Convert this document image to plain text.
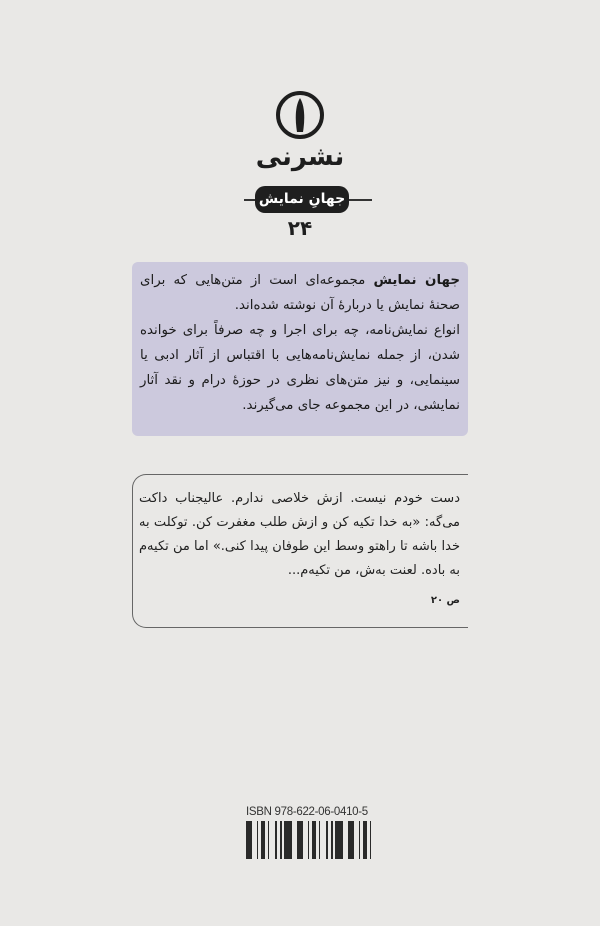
نشرنی
جهانِ نمایش
۲۴
جهان نمایش مجموعه‌ای است از متن‌هایی که برای صحنهٔ نمایش یا دربارهٔ آن نوشته شده‌اند.
انواع نمایش‌نامه، چه برای اجرا و چه صرفاً برای خوانده شدن، از جمله نمایش‌نامه‌هایی با اقتباس از آثار ادبی یا سینمایی، و نیز متن‌های نظری در حوزهٔ درام و نقد آثار نمایشی، در این مجموعه جای می‌گیرند.
دست خودم نیست. ازش خلاصی ندارم. عالیجناب داکت می‌گه: «به خدا تکیه کن و ازش طلب مغفرت کن. توکلت به خدا باشه تا راهتو وسط این طوفان پیدا کنی.» اما من تکیه‌م به باده. لعنت به‌ش، من تکیه‌م...
ص ۲۰
ISBN 978-622-06-0410-5
